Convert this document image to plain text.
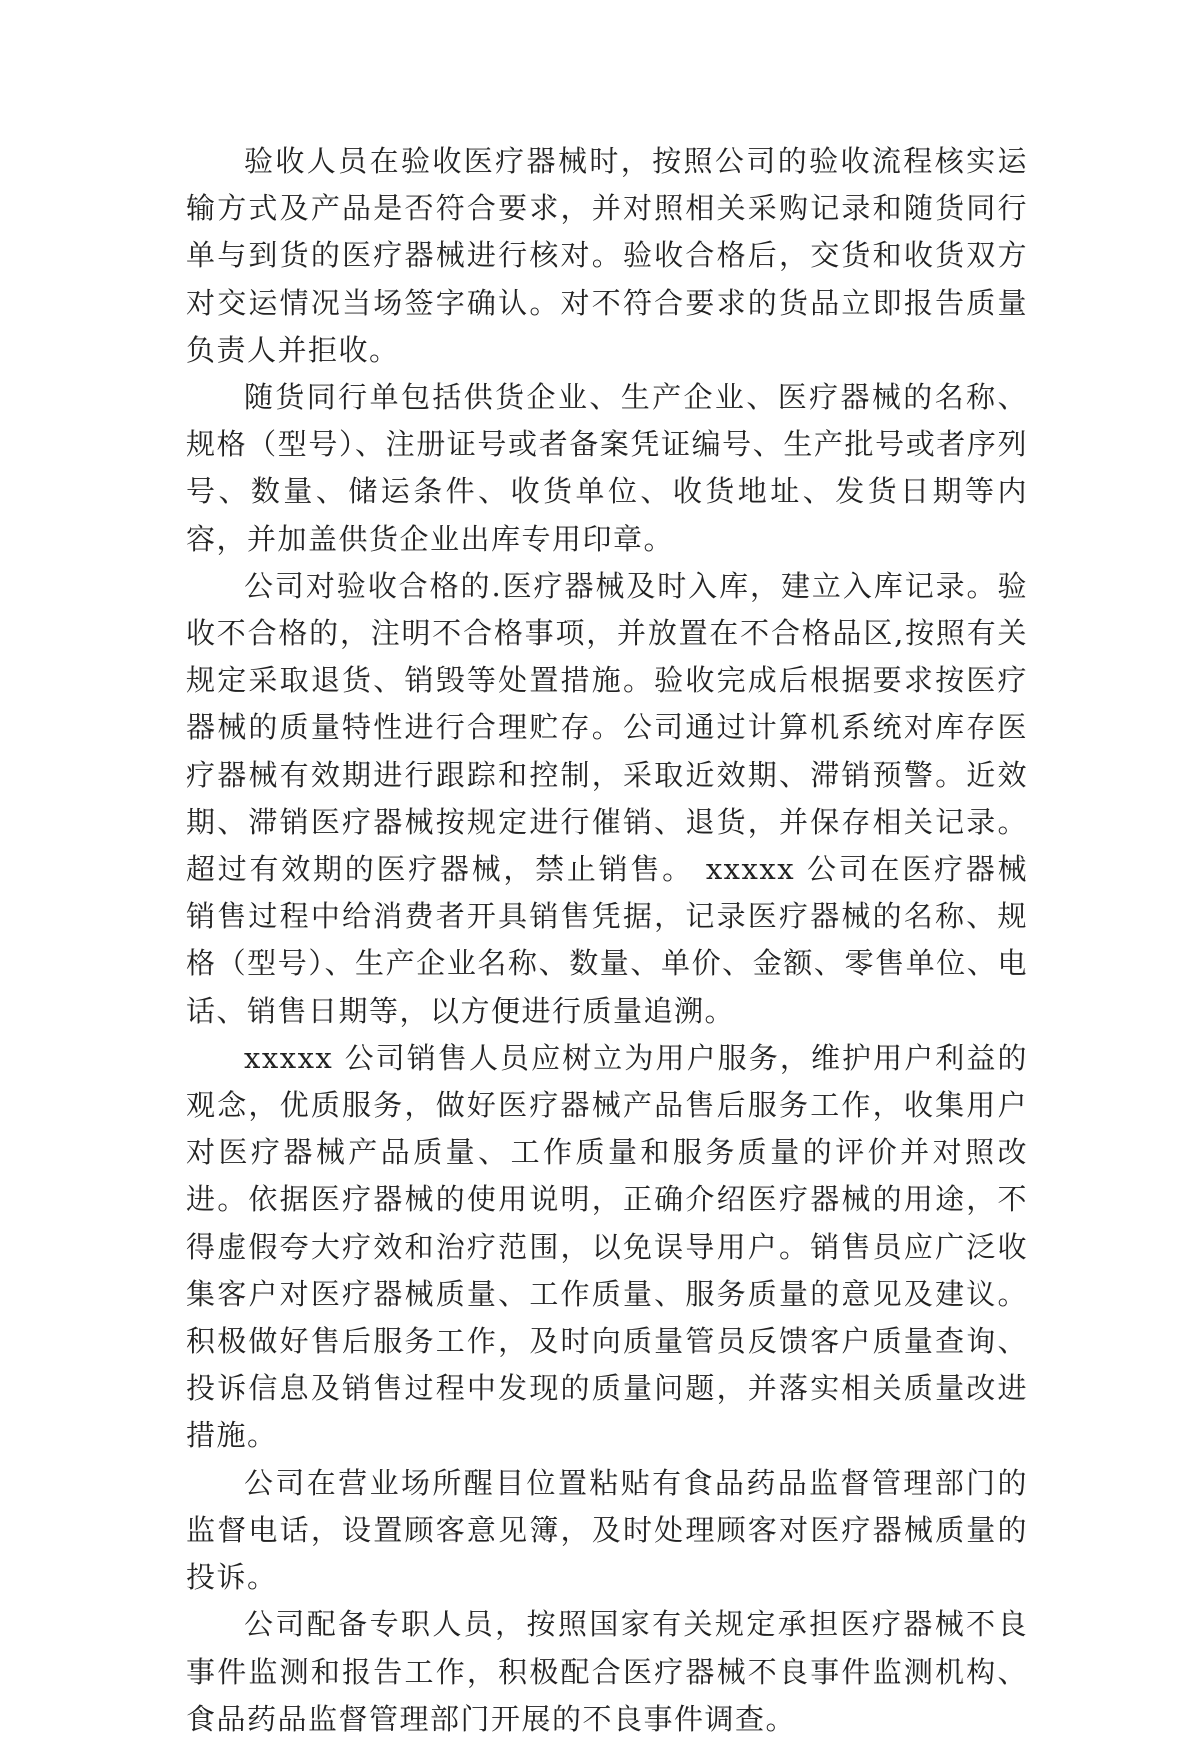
验收人员在验收医疗器械时，按照公司的验收流程核实运输方式及产品是否符合要求，并对照相关采购记录和随货同行单与到货的医疗器械进行核对。验收合格后，交货和收货双方对交运情况当场签字确认。对不符合要求的货品立即报告质量负责人并拒收。

随货同行单包括供货企业、生产企业、医疗器械的名称、规格（型号）、注册证号或者备案凭证编号、生产批号或者序列号、数量、储运条件、收货单位、收货地址、发货日期等内容，并加盖供货企业出库专用印章。

公司对验收合格的.医疗器械及时入库，建立入库记录。验收不合格的，注明不合格事项，并放置在不合格品区,按照有关规定采取退货、销毁等处置措施。验收完成后根据要求按医疗器械的质量特性进行合理贮存。公司通过计算机系统对库存医疗器械有效期进行跟踪和控制，采取近效期、滞销预警。近效期、滞销医疗器械按规定进行催销、退货，并保存相关记录。超过有效期的医疗器械，禁止销售。 xxxxx 公司在医疗器械销售过程中给消费者开具销售凭据，记录医疗器械的名称、规格（型号）、生产企业名称、数量、单价、金额、零售单位、电话、销售日期等，以方便进行质量追溯。

xxxxx 公司销售人员应树立为用户服务，维护用户利益的观念，优质服务，做好医疗器械产品售后服务工作，收集用户对医疗器械产品质量、工作质量和服务质量的评价并对照改进。依据医疗器械的使用说明，正确介绍医疗器械的用途，不得虚假夸大疗效和治疗范围，以免误导用户。销售员应广泛收集客户对医疗器械质量、工作质量、服务质量的意见及建议。积极做好售后服务工作，及时向质量管员反馈客户质量查询、投诉信息及销售过程中发现的质量问题，并落实相关质量改进措施。

公司在营业场所醒目位置粘贴有食品药品监督管理部门的监督电话，设置顾客意见簿，及时处理顾客对医疗器械质量的投诉。

公司配备专职人员，按照国家有关规定承担医疗器械不良事件监测和报告工作，积极配合医疗器械不良事件监测机构、食品药品监督管理部门开展的不良事件调查。
